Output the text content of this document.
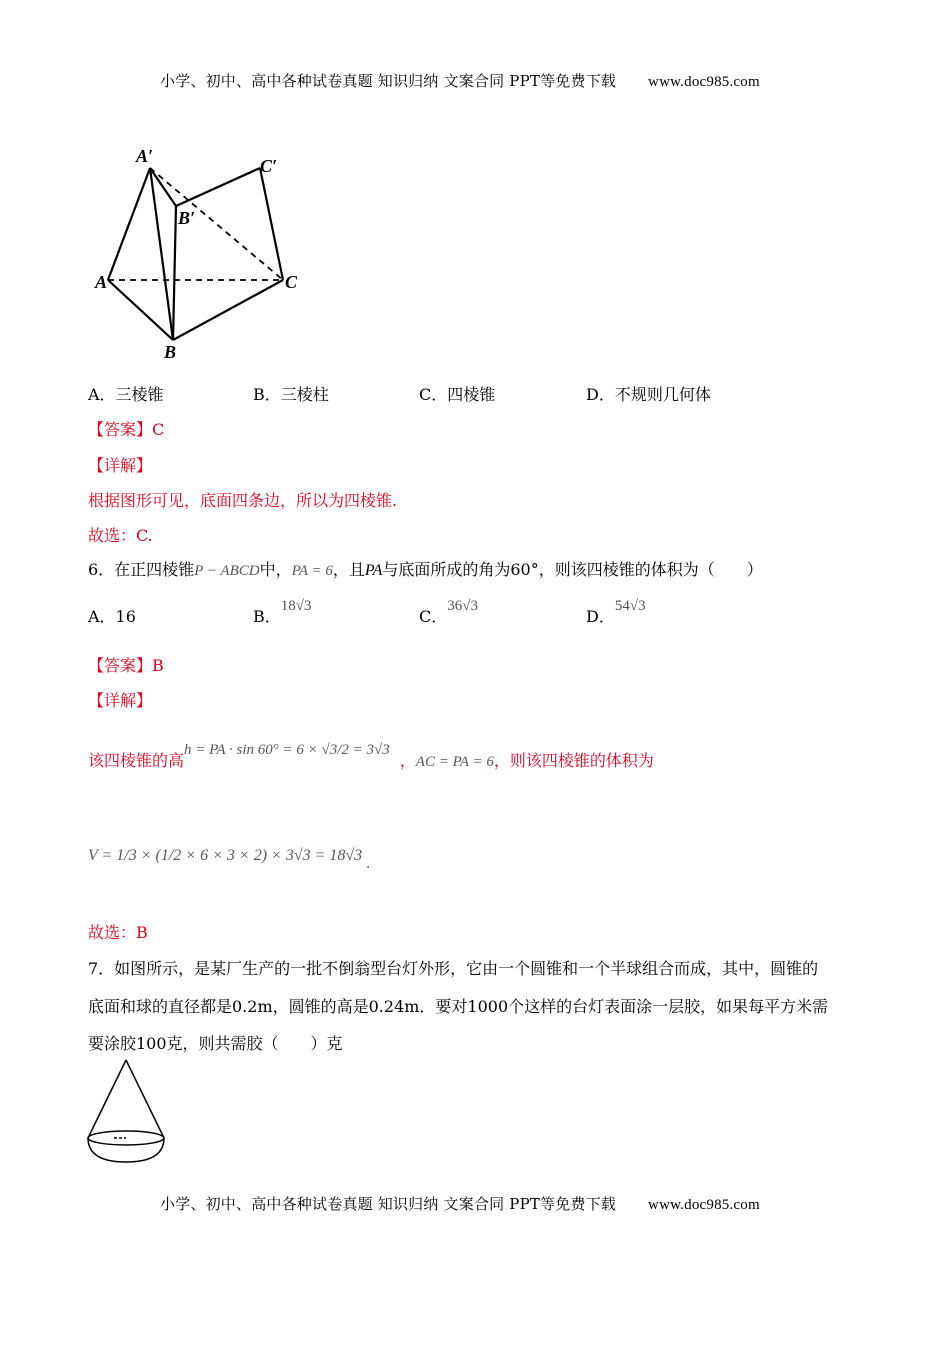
小学、初中、高中各种试卷真题 知识归纳 文案合同 PPT等免费下载 www.doc985.com
A′	C′
B′
A	C
B
A．三棱锥	B．三棱柱	C．四棱锥	D．不规则几何体
【答案】C
【详解】
根据图形可见，底面四条边，所以为四棱锥.
故选：C.
6．在正四棱锥P − ABCD中，PA = 6，且PA与底面所成的角为60°，则该四棱锥的体积为（　　）
A．16	B．18√3
C．36√3
D．54√3
【答案】B
【详解】
该四棱锥的高h = PA · sin 60° = 6 × √3/2 = 3√3，AC = PA = 6，则该四棱锥的体积为
V = 1/3 × (1/2 × 6 × 3 × 2) × 3√3 = 18√3 .
故选：B
7．如图所示，是某厂生产的一批不倒翁型台灯外形，它由一个圆锥和一个半球组合而成，其中，圆锥的
底面和球的直径都是0.2m，圆锥的高是0.24m．要对1000个这样的台灯表面涂一层胶，如果每平方米需
要涂胶100克，则共需胶（　　）克
小学、初中、高中各种试卷真题 知识归纳 文案合同 PPT等免费下载 www.doc985.com
